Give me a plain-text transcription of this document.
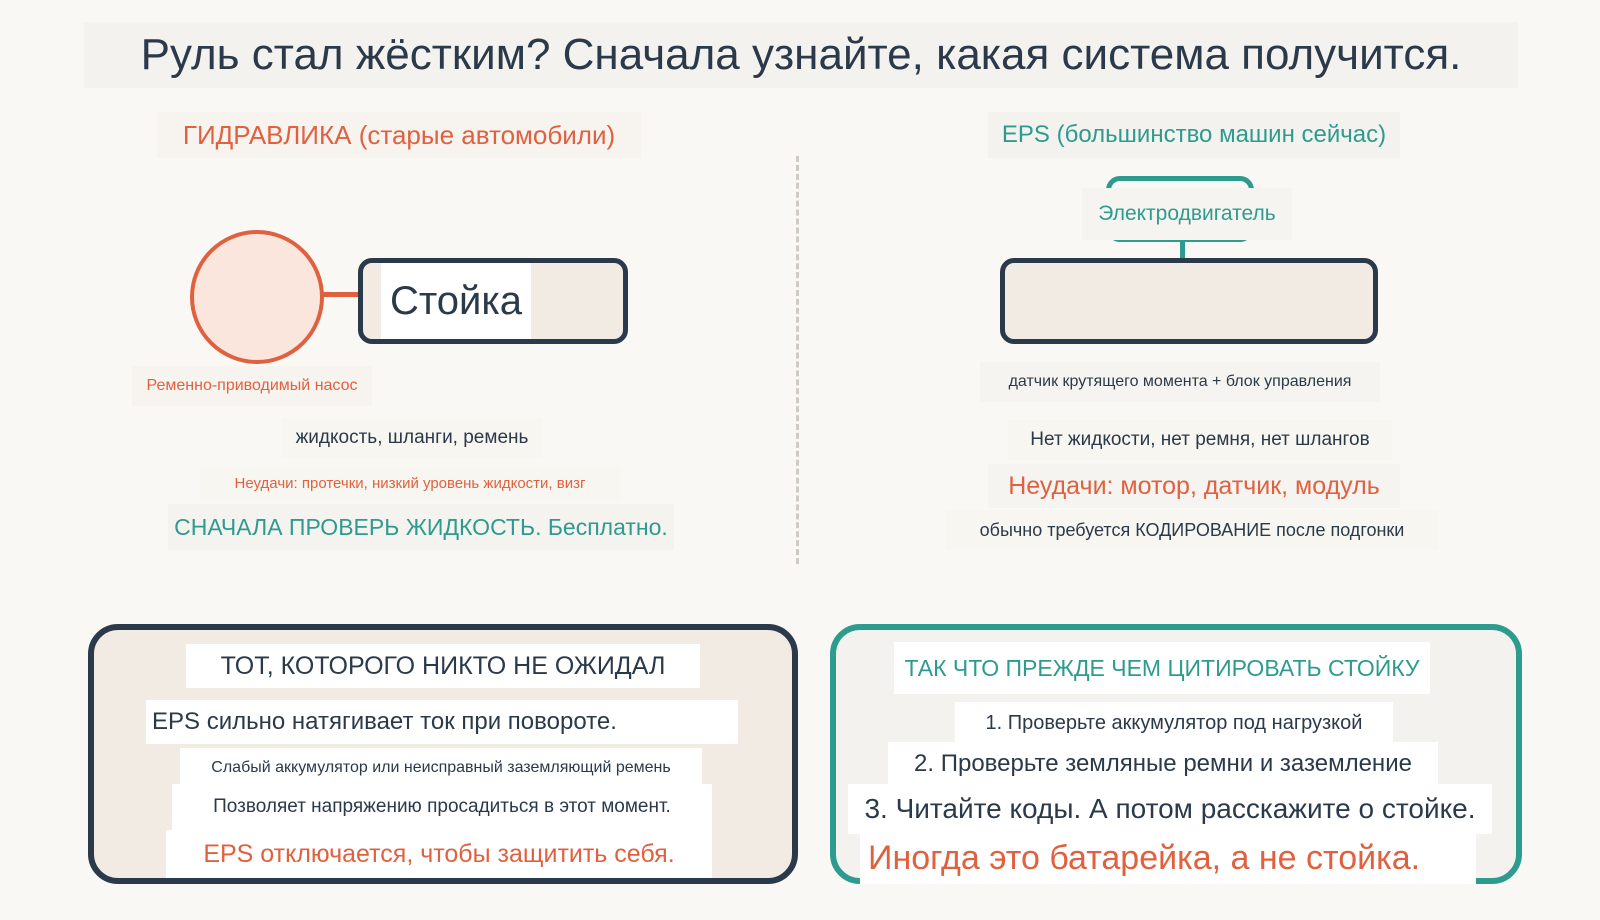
Руль стал жёстким? Сначала узнайте, какая система получится.
ГИДРАВЛИКА (старые автомобили)
Стойка
Ременно-приводимый насос
жидкость, шланги, ремень
Неудачи: протечки, низкий уровень жидкости, визг
СНАЧАЛА ПРОВЕРЬ ЖИДКОСТЬ. Бесплатно.
EPS (большинство машин сейчас)
Электродвигатель
датчик крутящего момента + блок управления
Нет жидкости, нет ремня, нет шлангов
Неудачи: мотор, датчик, модуль
обычно требуется КОДИРОВАНИЕ после подгонки
ТОТ, КОТОРОГО НИКТО НЕ ОЖИДАЛ
EPS сильно натягивает ток при повороте.
Слабый аккумулятор или неисправный заземляющий ремень
Позволяет напряжению просадиться в этот момент.
EPS отключается, чтобы защитить себя.
ТАК ЧТО ПРЕЖДЕ ЧЕМ ЦИТИРОВАТЬ СТОЙКУ
1. Проверьте аккумулятор под нагрузкой
2. Проверьте земляные ремни и заземление
3. Читайте коды. А потом расскажите о стойке.
Иногда это батарейка, а не стойка.
